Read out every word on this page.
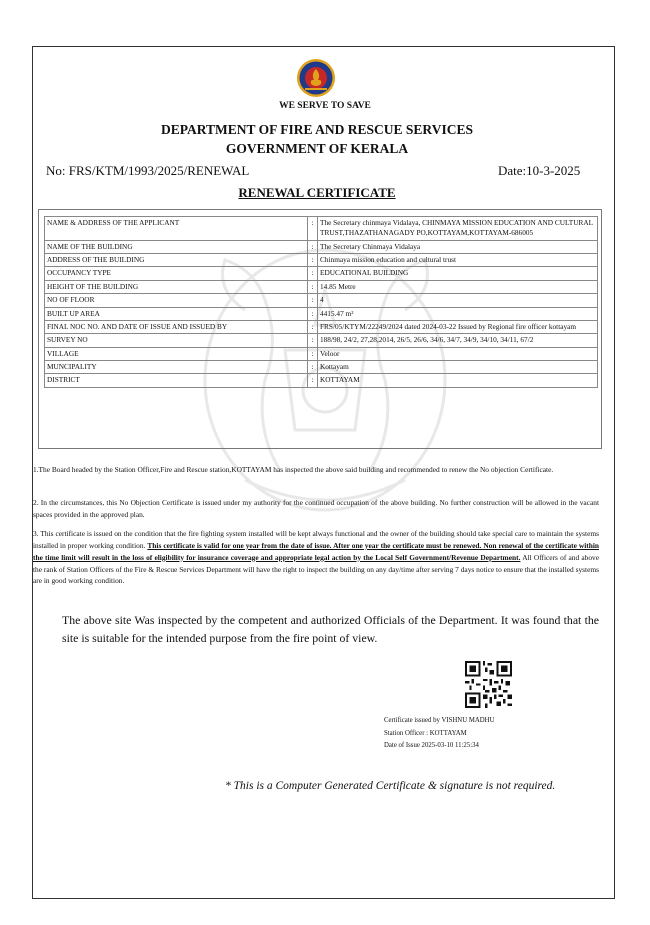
WE SERVE TO SAVE
DEPARTMENT OF FIRE AND RESCUE SERVICES
GOVERNMENT OF KERALA
No: FRS/KTM/1993/2025/RENEWAL	Date:10-3-2025
RENEWAL CERTIFICATE
NAME & ADDRESS OF THE APPLICANT	:	The Secretary chinmaya Vidalaya, CHINMAYA MISSION EDUCATION AND CULTURAL TRUST,THAZATHANAGADY PO,KOTTAYAM,KOTTAYAM-686005
NAME OF THE BUILDING	:	The Secretary Chinmaya Vidalaya
ADDRESS OF THE BUILDING	:	Chinmaya mission education and cultural trust
OCCUPANCY TYPE	:	EDUCATIONAL BUILDING
HEIGHT OF THE BUILDING	:	14.85 Metre
NO OF FLOOR	:	4
BUILT UP AREA	:	4415.47 m²
FINAL NOC NO. AND DATE OF ISSUE AND ISSUED BY	:	FRS/05/KTYM/22249/2024 dated 2024-03-22 Issued by Regional fire officer kottayam
SURVEY NO	:	188/98, 24/2, 27,28,2014, 26/5, 26/6, 34/6, 34/7, 34/9, 34/10, 34/11, 67/2
VILLAGE	:	Veloor
MUNCIPALITY	:	Kottayam
DISTRICT	:	KOTTAYAM
1.The Board headed by the Station Officer,Fire and Rescue station,KOTTAYAM has inspected the above said building and recommended to renew the No objection Certificate.
2. In the circumstances, this No Objection Certificate is issued under my authority for the continued occupation of the above building. No further construction will be allowed in the vacant spaces provided in the approved plan.
3. This certificate is issued on the condition that the fire fighting system installed will be kept always functional and the owner of the building should take special care to maintain the systems installed in proper working condition. This certificate is valid for one year from the date of issue. After one year the certificate must be renewed. Non renewal of the certificate within the time limit will result in the loss of eligibility for insurance coverage and appropriate legal action by the Local Self Government/Revenue Department. All Officers of and above the rank of Station Officers of the Fire & Rescue Services Department will have the right to inspect the building on any day/time after serving 7 days notice to ensure that the installed systems are in good working condition.
The above site Was inspected by the competent and authorized Officials of the Department. It was found that the site is suitable for the intended purpose from the fire point of view.
Certificate issued by VISHNU MADHU
Station Officer : KOTTAYAM
Date of Issue 2025-03-10 11:25:34
* This is a Computer Generated Certificate & signature is not required.
